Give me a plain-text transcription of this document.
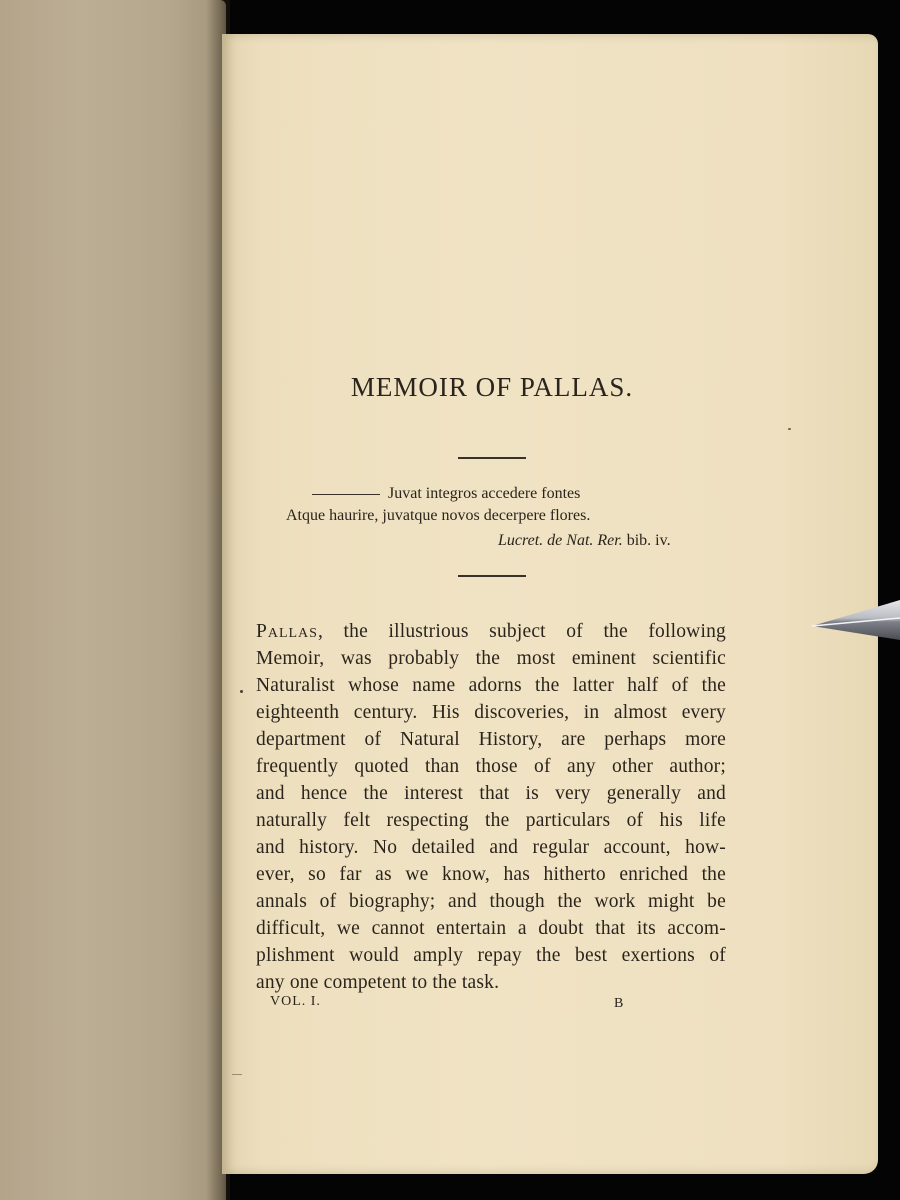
MEMOIR OF PALLAS.
Juvat integros accedere fontes
Atque haurire, juvatque novos decerpere flores.
Lucret. de Nat. Rer. bib. iv.
Pallas, the illustrious subject of the following
Memoir, was probably the most eminent scientific
Naturalist whose name adorns the latter half of the
eighteenth century. His discoveries, in almost every
department of Natural History, are perhaps more
frequently quoted than those of any other author;
and hence the interest that is very generally and
naturally felt respecting the particulars of his life
and history. No detailed and regular account, how-
ever, so far as we know, has hitherto enriched the
annals of biography; and though the work might be
difficult, we cannot entertain a doubt that its accom-
plishment would amply repay the best exertions of
any one competent to the task.
VOL. I.	B
